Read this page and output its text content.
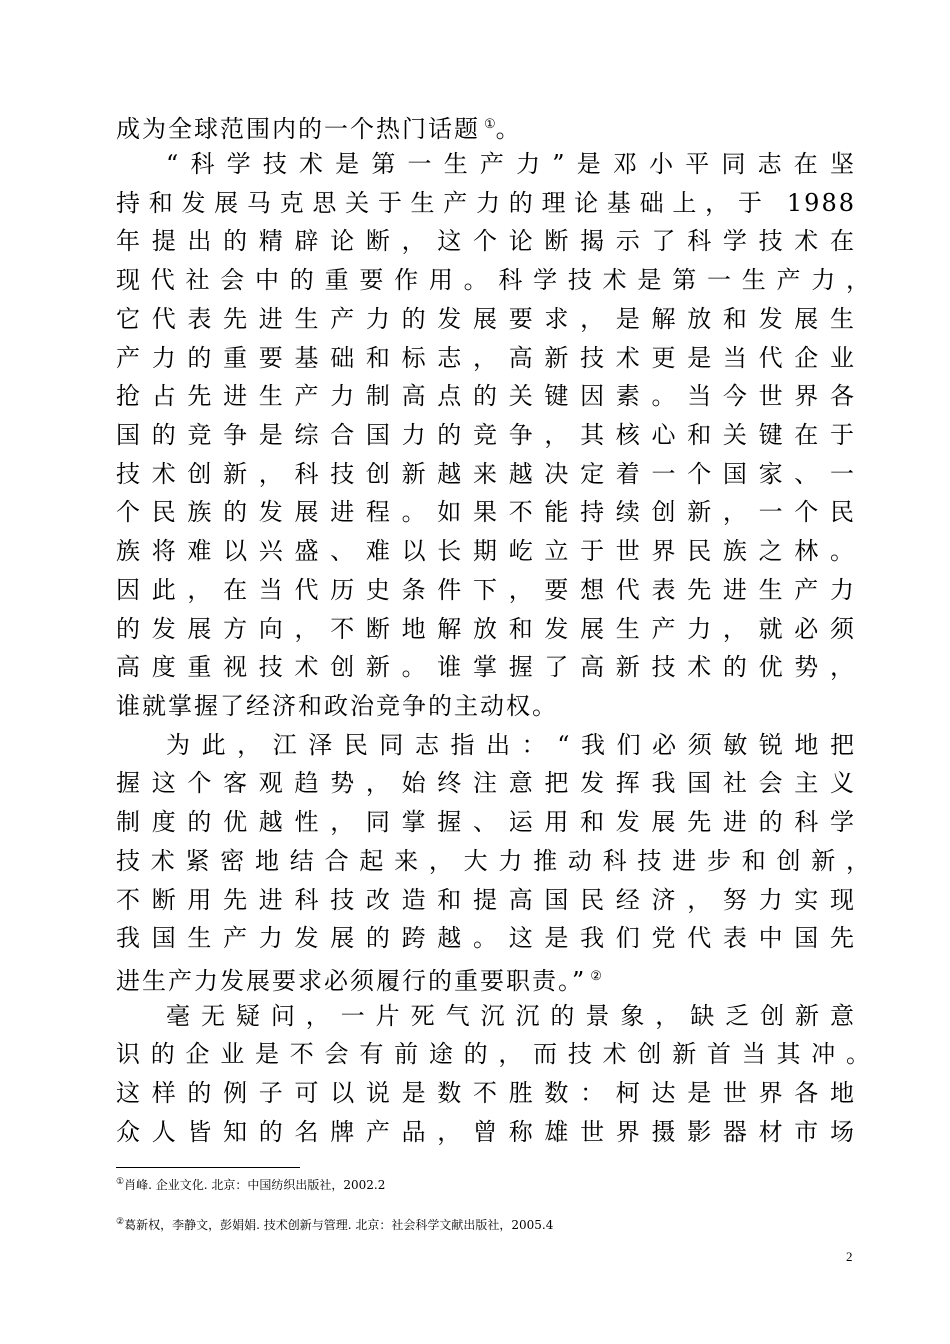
成为全球范围内的一个热门话题 ①。
“科学技术是第一生产力”是邓小平同志在坚
持和发展马克思关于生产力的理论基础上，于 1988
年提出的精辟论断，这个论断揭示了科学技术在
现代社会中的重要作用。科学技术是第一生产力，
它代表先进生产力的发展要求，是解放和发展生
产力的重要基础和标志，高新技术更是当代企业
抢占先进生产力制高点的关键因素。当今世界各
国的竞争是综合国力的竞争，其核心和关键在于
技术创新，科技创新越来越决定着一个国家、一
个民族的发展进程。如果不能持续创新，一个民
族将难以兴盛、难以长期屹立于世界民族之林。
因此，在当代历史条件下，要想代表先进生产力
的发展方向，不断地解放和发展生产力，就必须
高度重视技术创新。谁掌握了高新技术的优势，
谁就掌握了经济和政治竞争的主动权。
为此，江泽民同志指出：“我们必须敏锐地把
握这个客观趋势，始终注意把发挥我国社会主义
制度的优越性，同掌握、运用和发展先进的科学
技术紧密地结合起来，大力推动科技进步和创新，
不断用先进科技改造和提高国民经济，努力实现
我国生产力发展的跨越。这是我们党代表中国先
进生产力发展要求必须履行的重要职责。” ②
毫无疑问，一片死气沉沉的景象，缺乏创新意
识的企业是不会有前途的，而技术创新首当其冲。
这样的例子可以说是数不胜数：柯达是世界各地
众人皆知的名牌产品，曾称雄世界摄影器材市场
①肖峰. 企业文化. 北京：中国纺织出版社，2002.2
②葛新权，李静文，彭娟娟. 技术创新与管理. 北京：社会科学文献出版社，2005.4
2
